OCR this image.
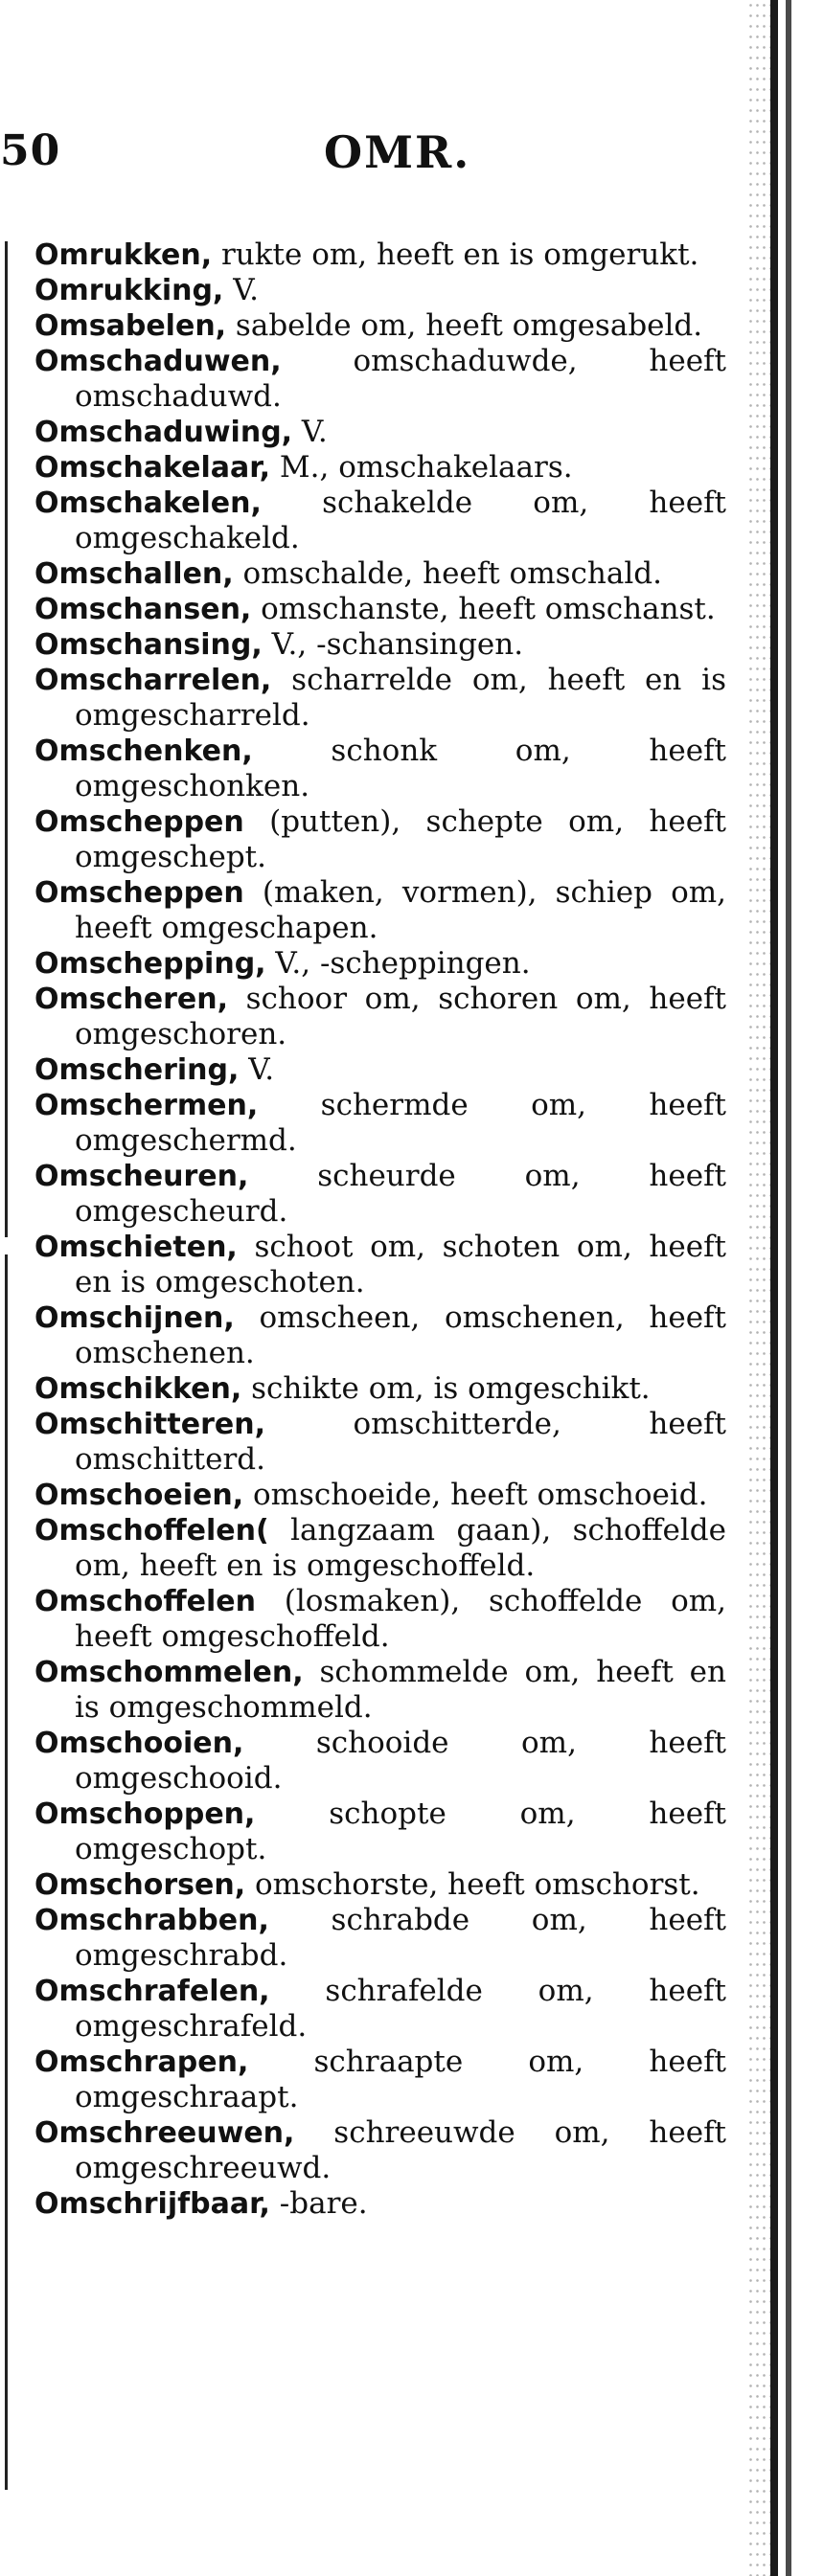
50	OMR.

Omrukken, rukte om, heeft en is omgerukt.

Omrukking, V.

Omsabelen, sabelde om, heeft omgesabeld.

Omschaduwen, omschaduwde, heeft omschaduwd.

Omschaduwing, V.

Omschakelaar, M., omschakelaars.

Omschakelen, schakelde om, heeft omgeschakeld.

Omschallen, omschalde, heeft omschald.

Omschansen, omschanste, heeft omschanst.

Omschansing, V., -schansingen.

Omscharrelen, scharrelde om, heeft en is omgescharreld.

Omschenken, schonk om, heeft omgeschonken.

Omscheppen (putten), schepte om, heeft omgeschept.

Omscheppen (maken, vormen), schiep om, heeft omgeschapen.

Omschepping, V., -scheppingen.

Omscheren, schoor om, schoren om, heeft omgeschoren.

Omschering, V.

Omschermen, schermde om, heeft omgeschermd.

Omscheuren, scheurde om, heeft omgescheurd.

Omschieten, schoot om, schoten om, heeft en is omgeschoten.

Omschijnen, omscheen, omschenen, heeft omschenen.

Omschikken, schikte om, is omgeschikt.

Omschitteren, omschitterde, heeft omschitterd.

Omschoeien, omschoeide, heeft omschoeid.

Omschoffelen( langzaam gaan), schoffelde om, heeft en is omgeschoffeld.

Omschoffelen (losmaken), schoffelde om, heeft omgeschoffeld.

Omschommelen, schommelde om, heeft en is omgeschommeld.

Omschooien, schooide om, heeft omgeschooid.

Omschoppen, schopte om, heeft omgeschopt.

Omschorsen, omschorste, heeft omschorst.

Omschrabben, schrabde om, heeft omgeschrabd.

Omschrafelen, schrafelde om, heeft omgeschrafeld.

Omschrapen, schraapte om, heeft omgeschraapt.

Omschreeuwen, schreeuwde om, heeft omgeschreeuwd.

Omschrijfbaar, -bare.
